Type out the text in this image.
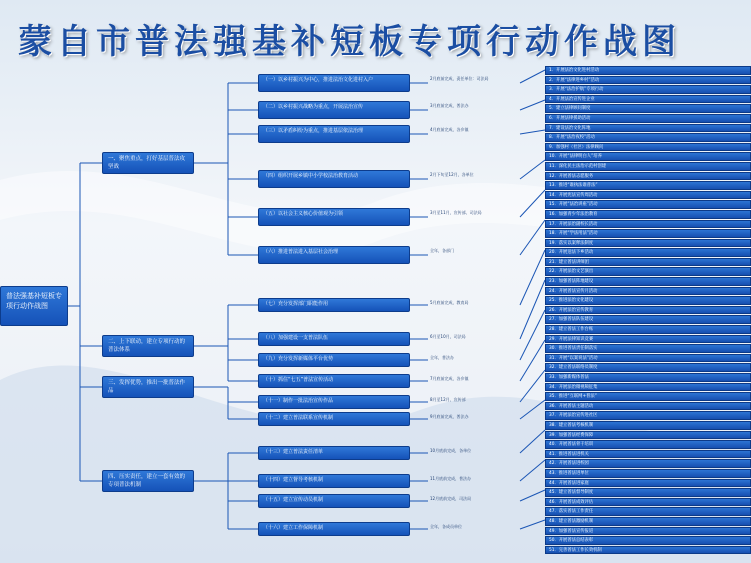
蒙自市普法强基补短板专项行动作战图
普法强基补短板专项行动作战图
一、聚焦重点，打好基层普法攻坚战
二、上下联动，建立专项行动的普法体系
三、发挥优势，推出一批普法作品
四、压实责任，建立一套有效的专项普法机制
（一）以乡村振兴为中心，推进法治文化进村入户
（二）以乡村振兴战略为重点，开展法治宣传
（三）以矛盾纠纷为重点，推进基层依法治理
（四）组织开展乡镇中小学校法治教育活动
（五）以社会主义核心价值观为引领
（六）推进普法进入基层社会治理
（七）充分发挥部门职能作用
（八）加强建设一支普法队伍
（九）充分发挥新媒体平台优势
（十）抓住“七五”普法宣传活动
（十一）制作一批法治宣传作品
（十二）建立普法联系宣传机制
（十三）建立普法责任清单
（十四）建立督导考核机制
（十五）建立宣传动员机制
（十六）建立工作保障机制
2月底前完成，责任单位：司法局
3月底前完成，普法办
4月底前完成，各乡镇
2月下旬至12月，各单位
3月至11月，宣传部、司法局
全年，各部门
5月底前完成，教育局
6月至10月，司法局
全年，普法办
7月底前完成，各乡镇
8月至12月，宣传部
9月底前完成，普法办
10月底前完成，各单位
11月底前完成，普法办
12月底前完成，司法局
全年，各成员单位
1．开展法治文化进村活动
2．开展“法律进乡村”活动
3．开展“法治护航”专项行动
4．开展法治宣传进企业
5．建立法律顾问制度
6．开展法律援助活动
7．建设法治文化阵地
8．开展“法治夜校”活动
9．加强村（社区）法律顾问
10．开展“法律明白人”培养
11．深化民主法治示范村创建
12．开展普法志愿服务
13．推进“谁执法谁普法”
14．开展宪法宣传周活动
15．开展“法治讲座”活动
16．加强青少年法治教育
17．开展法治副校长活动
18．开展“学法用法”活动
19．落实以案释法制度
20．开展送法下乡活动
21．建立普法讲师团
22．开展法治文艺演出
23．加强普法阵地建设
24．开展普法宣传月活动
25．推进法治文化建设
26．开展法治宣传教育
27．加强普法队伍建设
28．建立普法工作台账
29．开展法律知识竞赛
30．推进普法责任制落实
31．开展“以案说法”活动
32．建立普法联络员制度
33．加强新媒体普法
34．开展法治微视频征集
35．推进“互联网+普法”
36．开展普法主题活动
37．开展法治宣传进社区
38．建立普法考核机制
39．加强普法经费保障
40．开展普法骨干培训
41．推进普法进机关
42．开展普法进校园
43．推进普法进单位
44．开展普法进家庭
45．建立普法督导制度
46．开展普法成效评估
47．落实普法工作责任
48．建立普法激励机制
49．加强普法宣传报道
50．开展普法总结表彰
51．完善普法工作长效机制
